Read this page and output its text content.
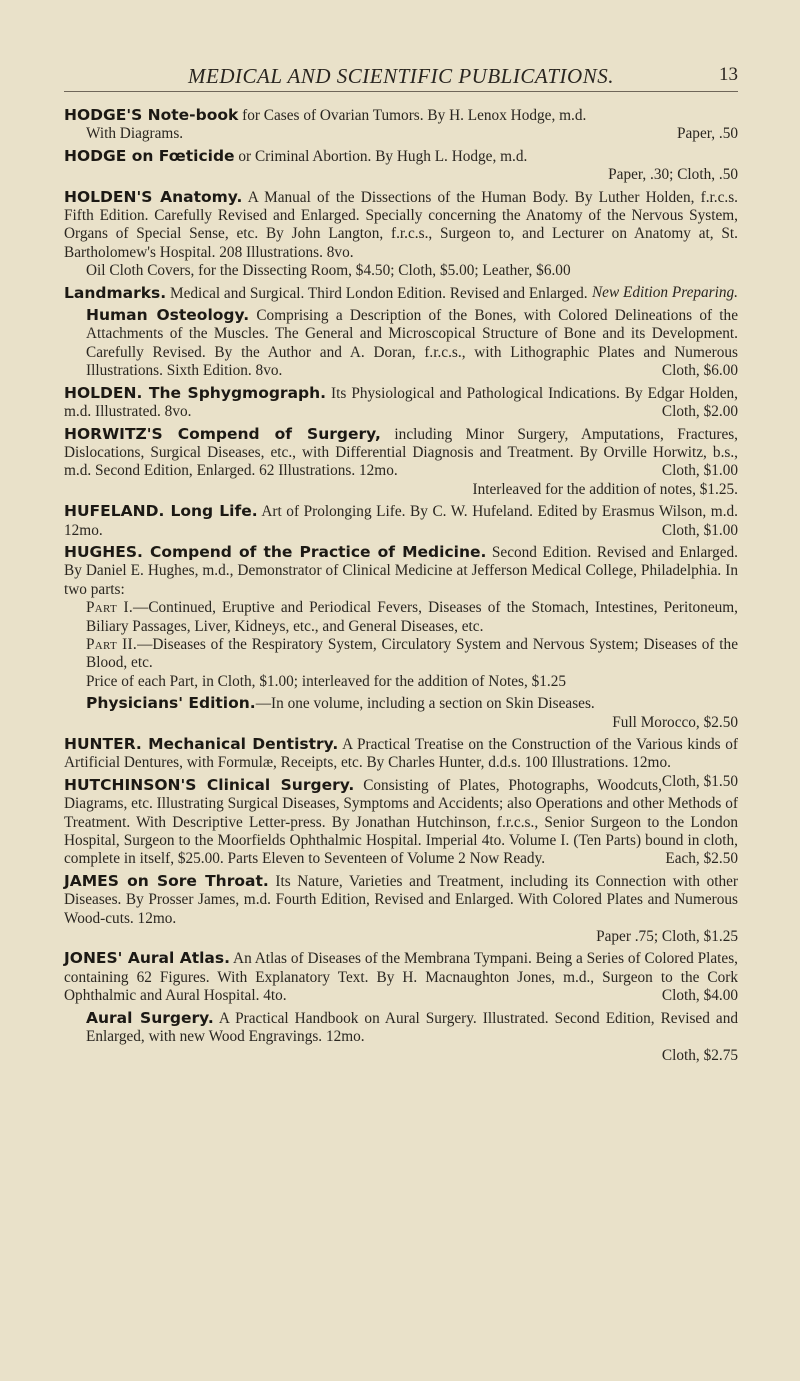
MEDICAL AND SCIENTIFIC PUBLICATIONS.	13

HODGE'S Note-book for Cases of Ovarian Tumors. By H. Lenox Hodge, m.d.

With Diagrams.	Paper, .50

HODGE on Fœticide or Criminal Abortion. By Hugh L. Hodge, m.d.

Paper, .30; Cloth, .50

HOLDEN'S Anatomy. A Manual of the Dissections of the Human Body. By Luther Holden, f.r.c.s. Fifth Edition. Carefully Revised and Enlarged. Specially concerning the Anatomy of the Nervous System, Organs of Special Sense, etc. By John Langton, f.r.c.s., Surgeon to, and Lecturer on Anatomy at, St. Bartholomew's Hospital. 208 Illustrations. 8vo.

Oil Cloth Covers, for the Dissecting Room, $4.50; Cloth, $5.00; Leather, $6.00

Landmarks. Medical and Surgical. Third London Edition. Revised and Enlarged. New Edition Preparing.

Human Osteology. Comprising a Description of the Bones, with Colored Delineations of the Attachments of the Muscles. The General and Microscopical Structure of Bone and its Development. Carefully Revised. By the Author and A. Doran, f.r.c.s., with Lithographic Plates and Numerous Illustrations. Sixth Edition. 8vo.	Cloth, $6.00

HOLDEN. The Sphygmograph. Its Physiological and Pathological Indications. By Edgar Holden, m.d. Illustrated. 8vo.	Cloth, $2.00

HORWITZ'S Compend of Surgery, including Minor Surgery, Amputations, Fractures, Dislocations, Surgical Diseases, etc., with Differential Diagnosis and Treatment. By Orville Horwitz, b.s., m.d. Second Edition, Enlarged. 62 Illustrations. 12mo.	Cloth, $1.00

Interleaved for the addition of notes, $1.25.

HUFELAND. Long Life. Art of Prolonging Life. By C. W. Hufeland. Edited by Erasmus Wilson, m.d. 12mo.	Cloth, $1.00

HUGHES. Compend of the Practice of Medicine. Second Edition. Revised and Enlarged. By Daniel E. Hughes, m.d., Demonstrator of Clinical Medicine at Jefferson Medical College, Philadelphia. In two parts:

Part I.—Continued, Eruptive and Periodical Fevers, Diseases of the Stomach, Intestines, Peritoneum, Biliary Passages, Liver, Kidneys, etc., and General Diseases, etc.

Part II.—Diseases of the Respiratory System, Circulatory System and Nervous System; Diseases of the Blood, etc.

Price of each Part, in Cloth, $1.00; interleaved for the addition of Notes, $1.25

Physicians' Edition.—In one volume, including a section on Skin Diseases.

Full Morocco, $2.50

HUNTER. Mechanical Dentistry. A Practical Treatise on the Construction of the Various kinds of Artificial Dentures, with Formulæ, Receipts, etc. By Charles Hunter, d.d.s. 100 Illustrations. 12mo.
Cloth, $1.50

HUTCHINSON'S Clinical Surgery. Consisting of Plates, Photographs, Woodcuts, Diagrams, etc. Illustrating Surgical Diseases, Symptoms and Accidents; also Operations and other Methods of Treatment. With Descriptive Letter-press. By Jonathan Hutchinson, f.r.c.s., Senior Surgeon to the London Hospital, Surgeon to the Moorfields Ophthalmic Hospital. Imperial 4to. Volume I. (Ten Parts) bound in cloth, complete in itself, $25.00. Parts Eleven to Seventeen of Volume 2 Now Ready.	Each, $2.50

JAMES on Sore Throat. Its Nature, Varieties and Treatment, including its Connection with other Diseases. By Prosser James, m.d. Fourth Edition, Revised and Enlarged. With Colored Plates and Numerous Wood-cuts. 12mo.

Paper .75; Cloth, $1.25

JONES' Aural Atlas. An Atlas of Diseases of the Membrana Tympani. Being a Series of Colored Plates, containing 62 Figures. With Explanatory Text. By H. Macnaughton Jones, m.d., Surgeon to the Cork Ophthalmic and Aural Hospital. 4to.	Cloth, $4.00

Aural Surgery. A Practical Handbook on Aural Surgery. Illustrated. Second Edition, Revised and Enlarged, with new Wood Engravings. 12mo.

Cloth, $2.75
